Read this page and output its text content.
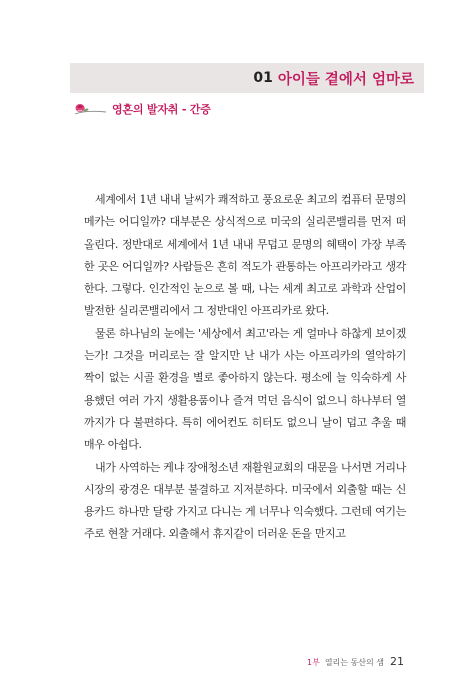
01 아이들 곁에서 엄마로
영혼의 발자취 - 간증

세계에서 1년 내내 날씨가 쾌적하고 풍요로운 최고의 컴퓨터 문명의 메카는 어디일까? 대부분은 상식적으로 미국의 실리콘밸리를 먼저 떠올린다. 정반대로 세계에서 1년 내내 무덥고 문명의 혜택이 가장 부족한 곳은 어디일까? 사람들은 흔히 적도가 관통하는 아프리카라고 생각한다. 그렇다. 인간적인 눈으로 볼 때, 나는 세계 최고로 과학과 산업이 발전한 실리콘밸리에서 그 정반대인 아프리카로 왔다.

물론 하나님의 눈에는 '세상에서 최고'라는 게 얼마나 하찮게 보이겠는가! 그것을 머리로는 잘 알지만 난 내가 사는 아프리카의 열악하기 짝이 없는 시골 환경을 별로 좋아하지 않는다. 평소에 늘 익숙하게 사용했던 여러 가지 생활용품이나 즐겨 먹던 음식이 없으니 하나부터 열까지가 다 불편하다. 특히 에어컨도 히터도 없으니 날이 덥고 추울 때 매우 아쉽다.

내가 사역하는 케냐 장애청소년 재활원교회의 대문을 나서면 거리나 시장의 광경은 대부분 불결하고 지저분하다. 미국에서 외출할 때는 신용카드 하나만 달랑 가지고 다니는 게 너무나 익숙했다. 그런데 여기는 주로 현찰 거래다. 외출해서 휴지같이 더러운 돈을 만지고

1부 열리는 동산의 샘 21
